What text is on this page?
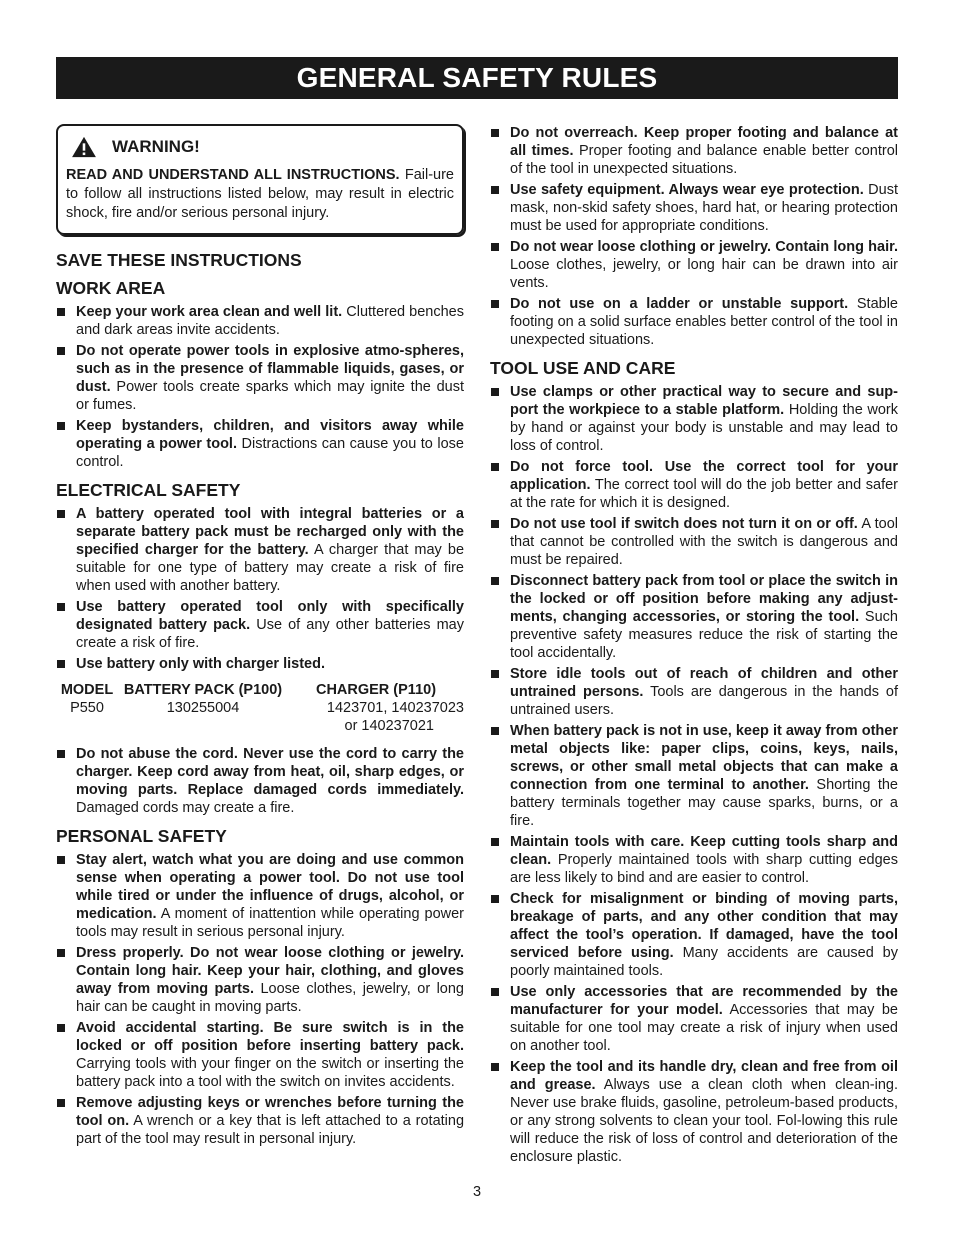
GENERAL SAFETY RULES
WARNING!
READ AND UNDERSTAND ALL INSTRUCTIONS. Fail-ure to follow all instructions listed below, may result in electric shock, fire and/or serious personal injury.
SAVE THESE INSTRUCTIONS
WORK AREA
Keep your work area clean and well lit. Cluttered benches and dark areas invite accidents.
Do not operate power tools in explosive atmo-spheres, such as in the presence of flammable liquids, gases, or dust. Power tools create sparks which may ignite the dust or fumes.
Keep bystanders, children, and visitors away while operating a power tool. Distractions can cause you to lose control.
ELECTRICAL SAFETY
A battery operated tool with integral batteries or a separate battery pack must be recharged only with the specified charger for the battery. A charger that may be suitable for one type of battery may create a risk of fire when used with another battery.
Use battery operated tool only with specifically designated battery pack. Use of any other batteries may create a risk of fire.
Use battery only with charger listed.
MODEL	BATTERY PACK (P100)	CHARGER (P110)
P550	130255004	1423701, 140237023
		or 140237021
Do not abuse the cord. Never use the cord to carry the charger. Keep cord away from heat, oil, sharp edges, or moving parts. Replace damaged cords immediately. Damaged cords may create a fire.
PERSONAL SAFETY
Stay alert, watch what you are doing and use common sense when operating a power tool. Do not use tool while tired or under the influence of drugs, alcohol, or medication. A moment of inattention while operating power tools may result in serious personal injury.
Dress properly. Do not wear loose clothing or jewelry. Contain long hair. Keep your hair, clothing, and gloves away from moving parts. Loose clothes, jewelry, or long hair can be caught in moving parts.
Avoid accidental starting. Be sure switch is in the locked or off position before inserting battery pack. Carrying tools with your finger on the switch or inserting the battery pack into a tool with the switch on invites accidents.
Remove adjusting keys or wrenches before turning the tool on. A wrench or a key that is left attached to a rotating part of the tool may result in personal injury.
Do not overreach. Keep proper footing and balance at all times. Proper footing and balance enable better control of the tool in unexpected situations.
Use safety equipment. Always wear eye protection. Dust mask, non-skid safety shoes, hard hat, or hearing protection must be used for appropriate conditions.
Do not wear loose clothing or jewelry. Contain long hair. Loose clothes, jewelry, or long hair can be drawn into air vents.
Do not use on a ladder or unstable support. Stable footing on a solid surface enables better control of the tool in unexpected situations.
TOOL USE AND CARE
Use clamps or other practical way to secure and sup-port the workpiece to a stable platform. Holding the work by hand or against your body is unstable and may lead to loss of control.
Do not force tool. Use the correct tool for your application. The correct tool will do the job better and safer at the rate for which it is designed.
Do not use tool if switch does not turn it on or off. A tool that cannot be controlled with the switch is dangerous and must be repaired.
Disconnect battery pack from tool or place the switch in the locked or off position before making any adjust-ments, changing accessories, or storing the tool. Such preventive safety measures reduce the risk of starting the tool accidentally.
Store idle tools out of reach of children and other untrained persons. Tools are dangerous in the hands of untrained users.
When battery pack is not in use, keep it away from other metal objects like: paper clips, coins, keys, nails, screws, or other small metal objects that can make a connection from one terminal to another. Shorting the battery terminals together may cause sparks, burns, or a fire.
Maintain tools with care. Keep cutting tools sharp and clean. Properly maintained tools with sharp cutting edges are less likely to bind and are easier to control.
Check for misalignment or binding of moving parts, breakage of parts, and any other condition that may affect the tool’s operation. If damaged, have the tool serviced before using. Many accidents are caused by poorly maintained tools.
Use only accessories that are recommended by the manufacturer for your model. Accessories that may be suitable for one tool may create a risk of injury when used on another tool.
Keep the tool and its handle dry, clean and free from oil and grease. Always use a clean cloth when clean-ing. Never use brake fluids, gasoline, petroleum-based products, or any strong solvents to clean your tool. Fol-lowing this rule will reduce the risk of loss of control and deterioration of the enclosure plastic.
3
